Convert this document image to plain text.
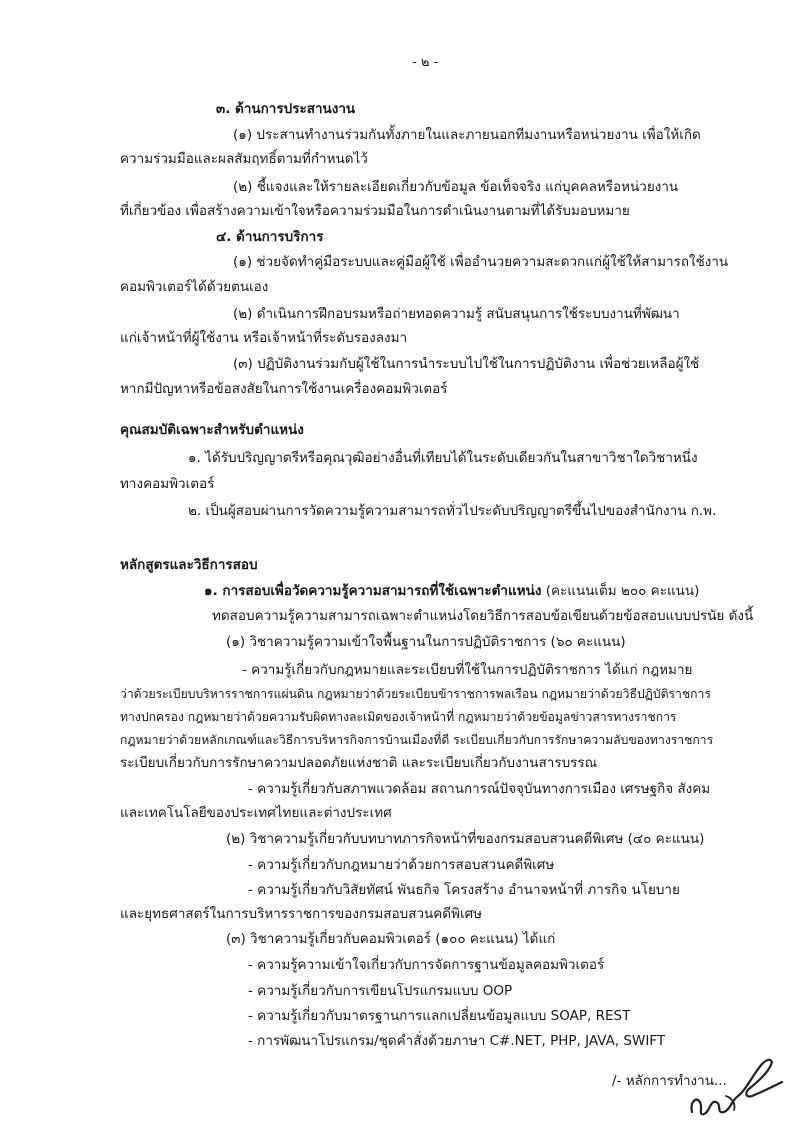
- ๒ -

๓. ด้านการประสานงาน

(๑) ประสานทำงานร่วมกันทั้งภายในและภายนอกทีมงานหรือหน่วยงาน เพื่อให้เกิด

ความร่วมมือและผลสัมฤทธิ์ตามที่กำหนดไว้

(๒) ชี้แจงและให้รายละเอียดเกี่ยวกับข้อมูล ข้อเท็จจริง แก่บุคคลหรือหน่วยงาน

ที่เกี่ยวข้อง เพื่อสร้างความเข้าใจหรือความร่วมมือในการดำเนินงานตามที่ได้รับมอบหมาย

๔. ด้านการบริการ

(๑) ช่วยจัดทำคู่มือระบบและคู่มือผู้ใช้ เพื่ออำนวยความสะดวกแก่ผู้ใช้ให้สามารถใช้งาน

คอมพิวเตอร์ได้ด้วยตนเอง

(๒) ดำเนินการฝึกอบรมหรือถ่ายทอดความรู้ สนับสนุนการใช้ระบบงานที่พัฒนา

แก่เจ้าหน้าที่ผู้ใช้งาน หรือเจ้าหน้าที่ระดับรองลงมา

(๓) ปฏิบัติงานร่วมกับผู้ใช้ในการนำระบบไปใช้ในการปฏิบัติงาน เพื่อช่วยเหลือผู้ใช้

หากมีปัญหาหรือข้อสงสัยในการใช้งานเครื่องคอมพิวเตอร์

คุณสมบัติเฉพาะสำหรับตำแหน่ง

๑. ได้รับปริญญาตรีหรือคุณวุฒิอย่างอื่นที่เทียบได้ในระดับเดียวกันในสาขาวิชาใดวิชาหนึ่ง

ทางคอมพิวเตอร์

๒. เป็นผู้สอบผ่านการวัดความรู้ความสามารถทั่วไประดับปริญญาตรีขึ้นไปของสำนักงาน ก.พ.

หลักสูตรและวิธีการสอบ

๑. การสอบเพื่อวัดความรู้ความสามารถที่ใช้เฉพาะตำแหน่ง (คะแนนเต็ม ๒๐๐ คะแนน)

ทดสอบความรู้ความสามารถเฉพาะตำแหน่งโดยวิธีการสอบข้อเขียนด้วยข้อสอบแบบปรนัย ดังนี้

(๑) วิชาความรู้ความเข้าใจพื้นฐานในการปฏิบัติราชการ (๖๐ คะแนน)

- ความรู้เกี่ยวกับกฎหมายและระเบียบที่ใช้ในการปฏิบัติราชการ ได้แก่ กฎหมาย

ว่าด้วยระเบียบบริหารราชการแผ่นดิน กฎหมายว่าด้วยระเบียบข้าราชการพลเรือน กฎหมายว่าด้วยวิธีปฏิบัติราชการ

ทางปกครอง กฎหมายว่าด้วยความรับผิดทางละเมิดของเจ้าหน้าที่ กฎหมายว่าด้วยข้อมูลข่าวสารทางราชการ

กฎหมายว่าด้วยหลักเกณฑ์และวิธีการบริหารกิจการบ้านเมืองที่ดี ระเบียบเกี่ยวกับการรักษาความลับของทางราชการ

ระเบียบเกี่ยวกับการรักษาความปลอดภัยแห่งชาติ และระเบียบเกี่ยวกับงานสารบรรณ

- ความรู้เกี่ยวกับสภาพแวดล้อม สถานการณ์ปัจจุบันทางการเมือง เศรษฐกิจ สังคม

และเทคโนโลยีของประเทศไทยและต่างประเทศ

(๒) วิชาความรู้เกี่ยวกับบทบาทภารกิจหน้าที่ของกรมสอบสวนคดีพิเศษ (๔๐ คะแนน)

- ความรู้เกี่ยวกับกฎหมายว่าด้วยการสอบสวนคดีพิเศษ

- ความรู้เกี่ยวกับวิสัยทัศน์ พันธกิจ โครงสร้าง อำนาจหน้าที่ ภารกิจ นโยบาย

และยุทธศาสตร์ในการบริหารราชการของกรมสอบสวนคดีพิเศษ

(๓) วิชาความรู้เกี่ยวกับคอมพิวเตอร์ (๑๐๐ คะแนน) ได้แก่

- ความรู้ความเข้าใจเกี่ยวกับการจัดการฐานข้อมูลคอมพิวเตอร์

- ความรู้เกี่ยวกับการเขียนโปรแกรมแบบ OOP

- ความรู้เกี่ยวกับมาตรฐานการแลกเปลี่ยนข้อมูลแบบ SOAP, REST

- การพัฒนาโปรแกรม/ชุดคำสั่งด้วยภาษา C#.NET, PHP, JAVA, SWIFT

/- หลักการทำงาน...
